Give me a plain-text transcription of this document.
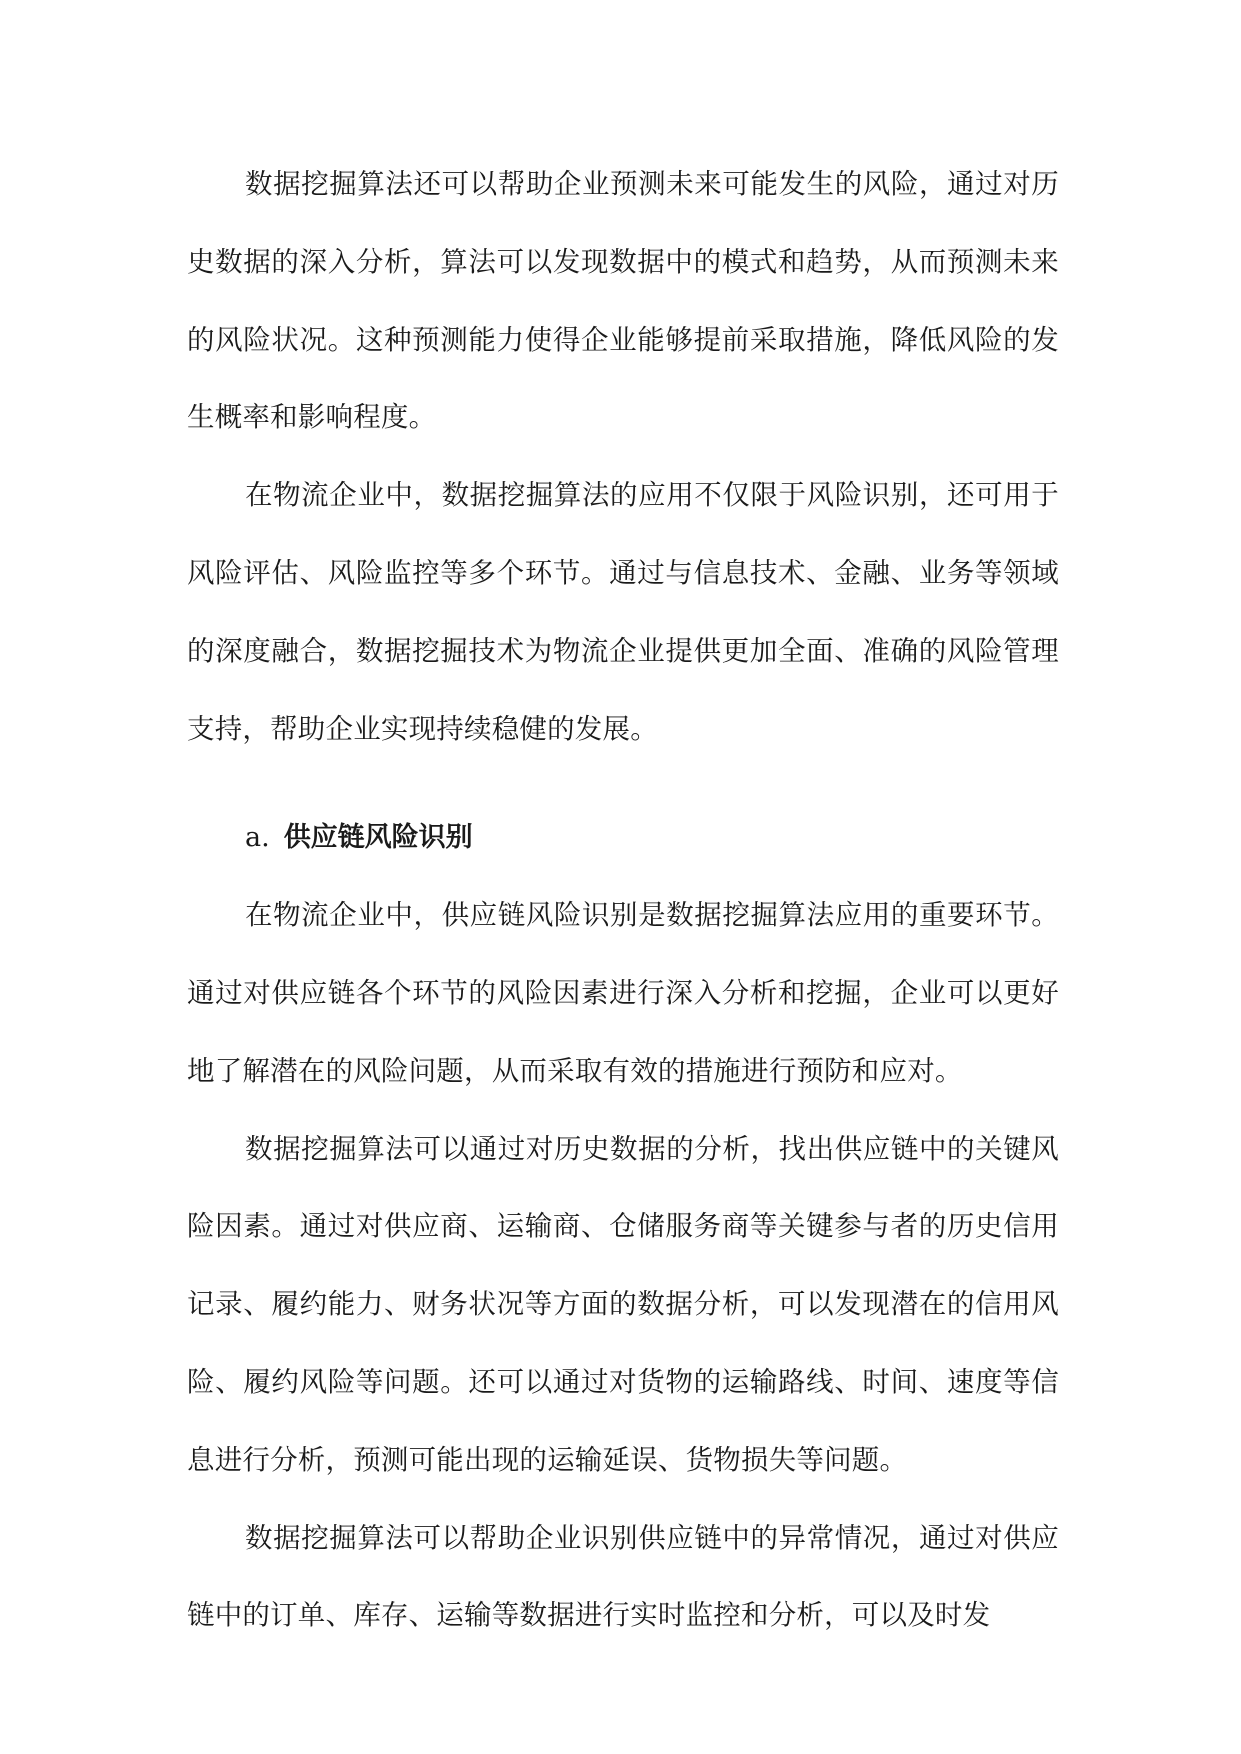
数据挖掘算法还可以帮助企业预测未来可能发生的风险，通过对历史数据的深入分析，算法可以发现数据中的模式和趋势，从而预测未来的风险状况。这种预测能力使得企业能够提前采取措施，降低风险的发生概率和影响程度。

在物流企业中，数据挖掘算法的应用不仅限于风险识别，还可用于风险评估、风险监控等多个环节。通过与信息技术、金融、业务等领域的深度融合，数据挖掘技术为物流企业提供更加全面、准确的风险管理支持，帮助企业实现持续稳健的发展。

a. 供应链风险识别

在物流企业中，供应链风险识别是数据挖掘算法应用的重要环节。通过对供应链各个环节的风险因素进行深入分析和挖掘，企业可以更好地了解潜在的风险问题，从而采取有效的措施进行预防和应对。

数据挖掘算法可以通过对历史数据的分析，找出供应链中的关键风险因素。通过对供应商、运输商、仓储服务商等关键参与者的历史信用记录、履约能力、财务状况等方面的数据分析，可以发现潜在的信用风险、履约风险等问题。还可以通过对货物的运输路线、时间、速度等信息进行分析，预测可能出现的运输延误、货物损失等问题。

数据挖掘算法可以帮助企业识别供应链中的异常情况，通过对供应链中的订单、库存、运输等数据进行实时监控和分析，可以及时发
